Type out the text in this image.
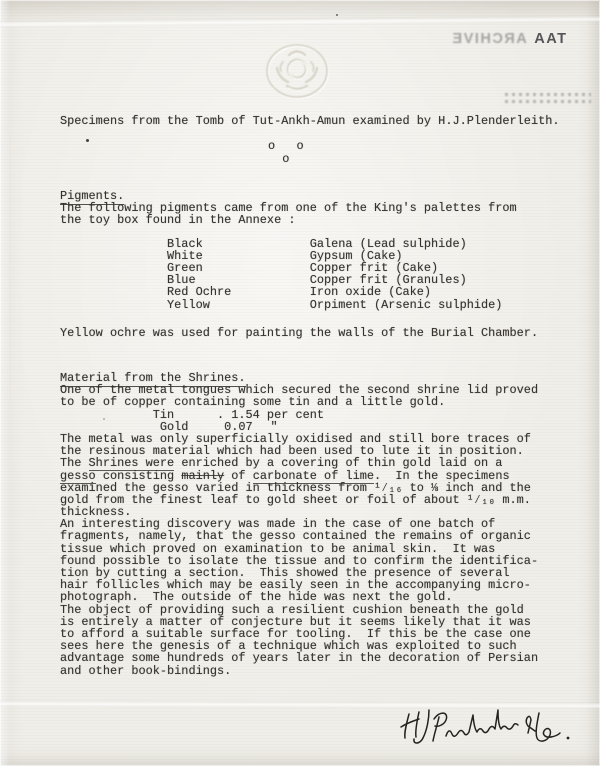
TAAARCHIVE
Specimens from the Tomb of Tut-Ankh-Amun examined by H.J.Plenderleith.
o   o
o
Pigments.
The following pigments came from one of the King's palettes from
the toy box found in the Annexe :
Black	Galena (Lead sulphide)
White	Gypsum (Cake)
Green	Copper frit (Cake)
Blue	Copper frit (Granules)
Red Ochre	Iron oxide (Cake)
Yellow	Orpiment (Arsenic sulphide)
Yellow ochre was used for painting the walls of the Burial Chamber.
Material from the Shrines.
One of the metal tongues which secured the second shrine lid proved
to be of copper containing some tin and a little gold.
Tin	. 1.54 per cent
Gold	0.07 "
The metal was only superficially oxidised and still bore traces of
the resinous material which had been used to lute it in position.
The Shrines were enriched by a covering of thin gold laid on a
gesso consisting mainly of carbonate of lime.  In the specimens
examined the gesso varied in thickness from ¹⁄₁₆ to ⅛ inch and the
gold from the finest leaf to gold sheet or foil of about ¹⁄₁₀ m.m.
thickness.
An interesting discovery was made in the case of one batch of
fragments, namely, that the gesso contained the remains of organic
tissue which proved on examination to be animal skin.  It was
found possible to isolate the tissue and to confirm the identifica-
tion by cutting a section.  This showed the presence of several
hair follicles which may be easily seen in the accompanying micro-
photograph.  The outside of the hide was next the gold.
The object of providing such a resilient cushion beneath the gold
is entirely a matter of conjecture but it seems likely that it was
to afford a suitable surface for tooling.  If this be the case one
sees here the genesis of a technique which was exploited to such
advantage some hundreds of years later in the decoration of Persian
and other book-bindings.
